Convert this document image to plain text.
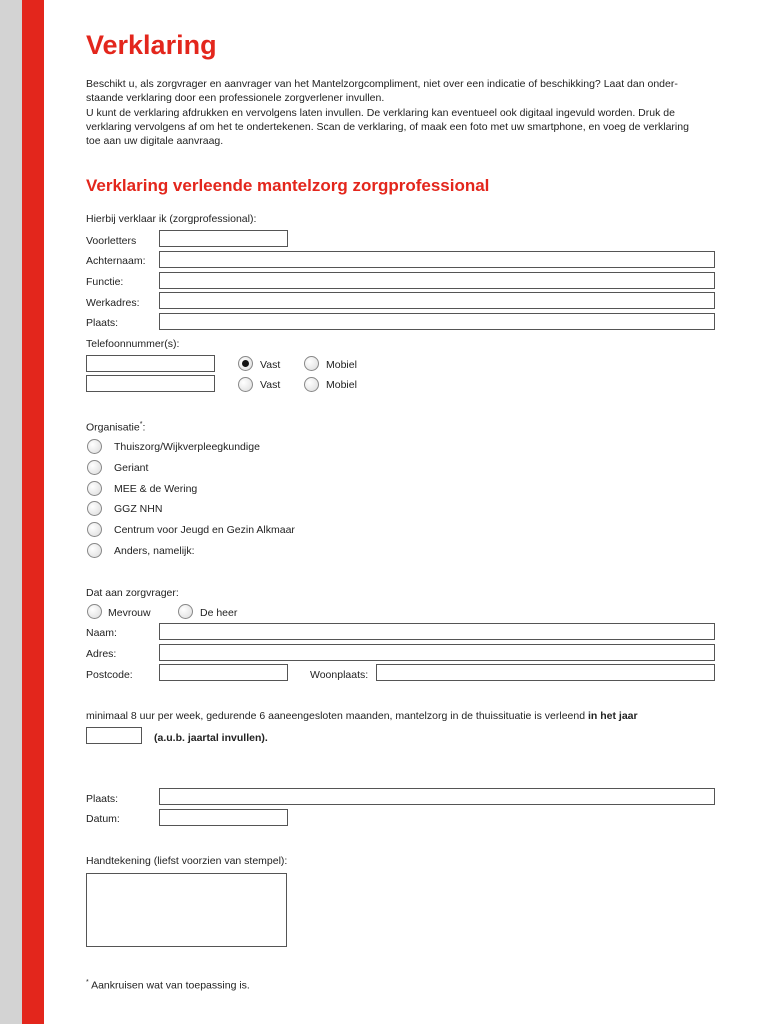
Verklaring
Beschikt u, als zorgvrager en aanvrager van het Mantelzorgcompliment, niet over een indicatie of beschikking? Laat dan onder-
staande verklaring door een professionele zorgverlener invullen.
U kunt de verklaring afdrukken en vervolgens laten invullen. De verklaring kan eventueel ook digitaal ingevuld worden. Druk de
verklaring vervolgens af om het te ondertekenen. Scan de verklaring, of maak een foto met uw smartphone, en voeg de verklaring
toe aan uw digitale aanvraag.
Verklaring verleende mantelzorg zorgprofessional
Hierbij verklaar ik (zorgprofessional):
Voorletters
Achternaam:
Functie:
Werkadres:
Plaats:
Telefoonnummer(s):
Vast	Mobiel
Vast	Mobiel
Organisatie*:
Thuiszorg/Wijkverpleegkundige
Geriant
MEE & de Wering
GGZ NHN
Centrum voor Jeugd en Gezin Alkmaar
Anders, namelijk:
Dat aan zorgvrager:
Mevrouw	De heer
Naam:
Adres:
Postcode:	Woonplaats:
minimaal 8 uur per week, gedurende 6 aaneengesloten maanden, mantelzorg in de thuissituatie is verleend in het jaar
(a.u.b. jaartal invullen).
Plaats:
Datum:
Handtekening (liefst voorzien van stempel):
* Aankruisen wat van toepassing is.
